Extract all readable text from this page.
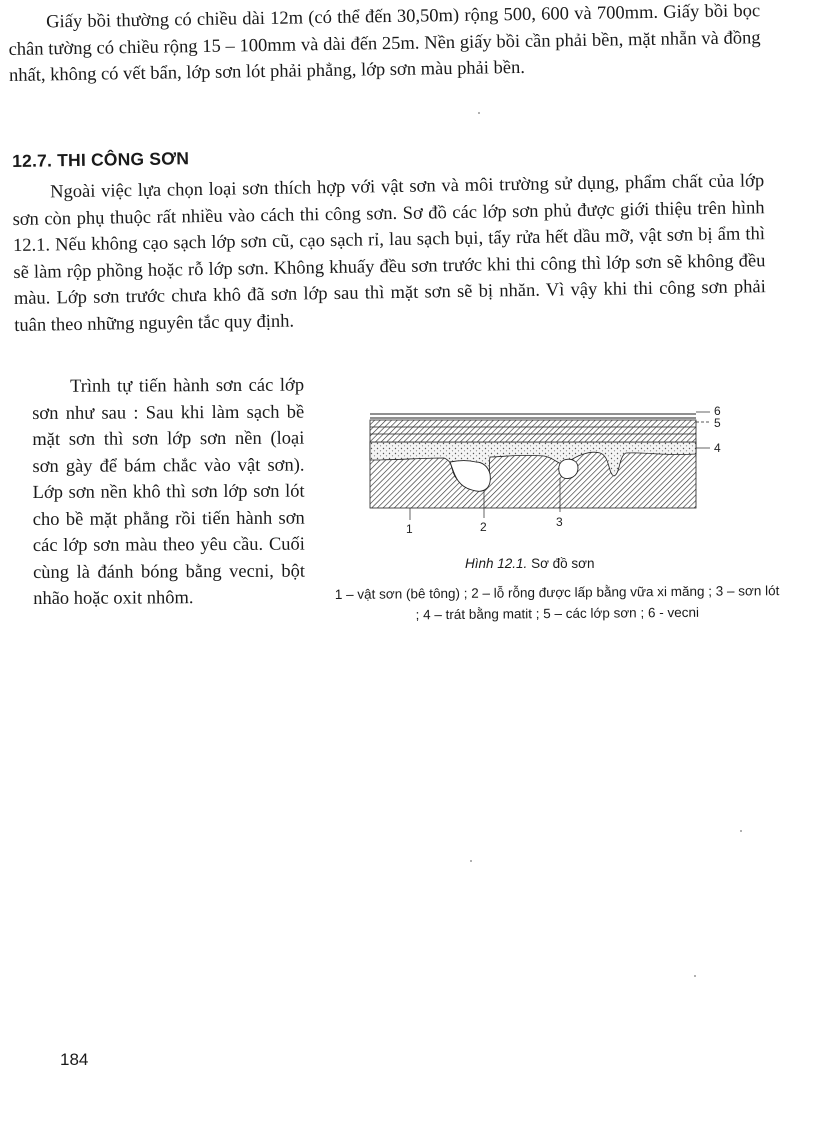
Giấy bồi thường có chiều dài 12m (có thể đến 30,50m) rộng 500, 600 và 700mm. Giấy bồi bọc chân tường có chiều rộng 15 – 100mm và dài đến 25m. Nền giấy bồi cần phải bền, mặt nhẵn và đồng nhất, không có vết bẩn, lớp sơn lót phải phẳng, lớp sơn màu phải bền.

12.7. THI CÔNG SƠN

Ngoài việc lựa chọn loại sơn thích hợp với vật sơn và môi trường sử dụng, phẩm chất của lớp sơn còn phụ thuộc rất nhiều vào cách thi công sơn. Sơ đồ các lớp sơn phủ được giới thiệu trên hình 12.1. Nếu không cạo sạch lớp sơn cũ, cạo sạch rỉ, lau sạch bụi, tẩy rửa hết dầu mỡ, vật sơn bị ẩm thì sẽ làm rộp phồng hoặc rỗ lớp sơn. Không khuấy đều sơn trước khi thi công thì lớp sơn sẽ không đều màu. Lớp sơn trước chưa khô đã sơn lớp sau thì mặt sơn sẽ bị nhăn. Vì vậy khi thi công sơn phải tuân theo những nguyên tắc quy định.

Trình tự tiến hành sơn các lớp sơn như sau : Sau khi làm sạch bề mặt sơn thì sơn lớp sơn nền (loại sơn gày để bám chắc vào vật sơn). Lớp sơn nền khô thì sơn lớp sơn lót cho bề mặt phẳng rồi tiến hành sơn các lớp sơn màu theo yêu cầu. Cuối cùng là đánh bóng bằng vecni, bột nhão hoặc oxit nhôm.

6
5
4
1	2	3

Hình 12.1. Sơ đồ sơn

1 – vật sơn (bê tông) ; 2 – lỗ rỗng được lấp bằng vữa xi măng ; 3 – sơn lót ; 4 – trát bằng matit ; 5 – các lớp sơn ; 6 - vecni

184
